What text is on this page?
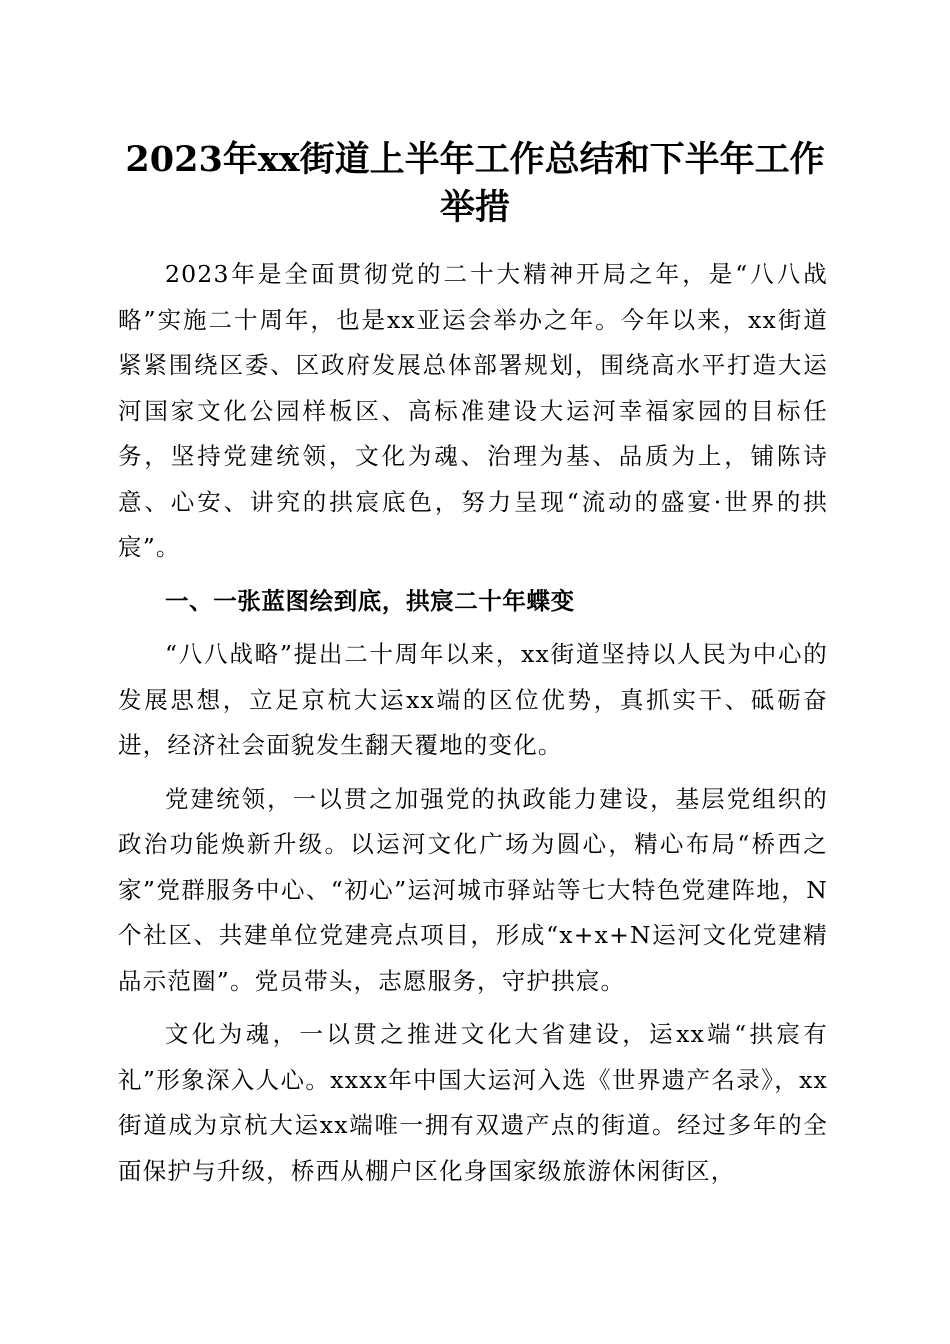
2023年xx街道上半年工作总结和下半年工作
举措

2023年是全面贯彻党的二十大精神开局之年，是“八八战略”实施二十周年，也是xx亚运会举办之年。今年以来，xx街道紧紧围绕区委、区政府发展总体部署规划，围绕高水平打造大运河国家文化公园样板区、高标准建设大运河幸福家园的目标任务，坚持党建统领，文化为魂、治理为基、品质为上，铺陈诗意、心安、讲究的拱宸底色，努力呈现“流动的盛宴·世界的拱宸”。

一、一张蓝图绘到底，拱宸二十年蝶变

“八八战略”提出二十周年以来，xx街道坚持以人民为中心的发展思想，立足京杭大运xx端的区位优势，真抓实干、砥砺奋进，经济社会面貌发生翻天覆地的变化。

党建统领，一以贯之加强党的执政能力建设，基层党组织的政治功能焕新升级。以运河文化广场为圆心，精心布局“桥西之家”党群服务中心、“初心”运河城市驿站等七大特色党建阵地，N个社区、共建单位党建亮点项目，形成“x+x+N运河文化党建精品示范圈”。党员带头，志愿服务，守护拱宸。

文化为魂，一以贯之推进文化大省建设，运xx端“拱宸有礼”形象深入人心。xxxx年中国大运河入选《世界遗产名录》，xx街道成为京杭大运xx端唯一拥有双遗产点的街道。经过多年的全面保护与升级，桥西从棚户区化身国家级旅游休闲街区，
